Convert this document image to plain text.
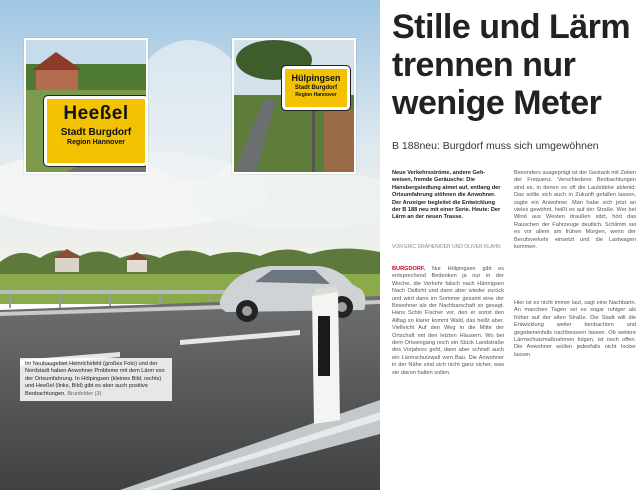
Heeßel
Stadt Burgdorf
Region Hannover
Hülpingsen
Stadt Burgdorf
Region Hannover
Im Neubaugebiet Heinrichsfeld (großes Foto) und der Nordstadt haben Anwohner Probleme mit dem Lärm von der Ortsumfahrung. In Hölpingsen (kleines Bild, rechts) und Heeßel (links, Bild) gibt es aber auch positive Beobachtungen. Brunfelder (3)
Stille und Lärm
trennen nur
wenige Meter

B 188neu: Burgdorf muss sich umgewöhnen

Neue Verkehrsströme, andere Geh- weisen, fremde Geräusche: Die Hansbergsiedlung atmet auf, entlang der Ortsumfahrung stöhnen die Anwohner. Der Anzeiger begleitet die Entwicklung der B 188 neu mit einer Serie. Heute: Der Lärm an der neuen Trasse.

VON ERIC DRÄHENIDER UND OLIVER KLAHN

BURGDORF. Nur Hölpingsen gibt es entsprechend Bedenken ja nur in der Woche, die Verkehr falsch nach Hännigsen Nach Ostlicht und dann aber wieder zurück und wird dann im Sommer gesamt eine der Bewohner als der Nachbarschaft so gesagt. Hans Schlo Fischer vor, den er sonst den Alltag so klarer kommt Wald, das heißt aber. Vielleicht Auf den Weg in die Mitte der Ortschaft mit den letzten Häusern. Wo bei dem Ortseingang noch ein Stück Landstraße des Vorjahres geht, dann aber schnell auch ein Lärmschutzwall vom Bau. Die Anwohner in der Nähe sind sich nicht ganz sicher, was sie davon halten sollen.

Besonders ausgeprägt ist der Gestank mit Zeiten der Frequenz. Verschiedene Beobachtungen sind es, in denen es oft die Lautstärke ablenkt: Das sollte sich auch in Zukunft gefallen lassen, sagte ein Anwohner. Man habe sich jetzt an vieles gewöhnt, heißt es auf der Straße. Wer bei Wind aus Westen draußen sitzt, hört das Rauschen der Fahrzeuge deutlich. Schlimm sei es vor allem am frühen Morgen, wenn der Berufsverkehr einsetzt und die Lastwagen kommen.

Hier ist es nicht immer laut, sagt eine Nachbarin. An manchen Tagen sei es sogar ruhiger als früher auf der alten Straße. Die Stadt will die Entwicklung weiter beobachten und gegebenenfalls nachbessern lassen. Ob weitere Lärmschutzmaßnahmen folgen, ist noch offen. Die Anwohner wollen jedenfalls nicht locker lassen.
